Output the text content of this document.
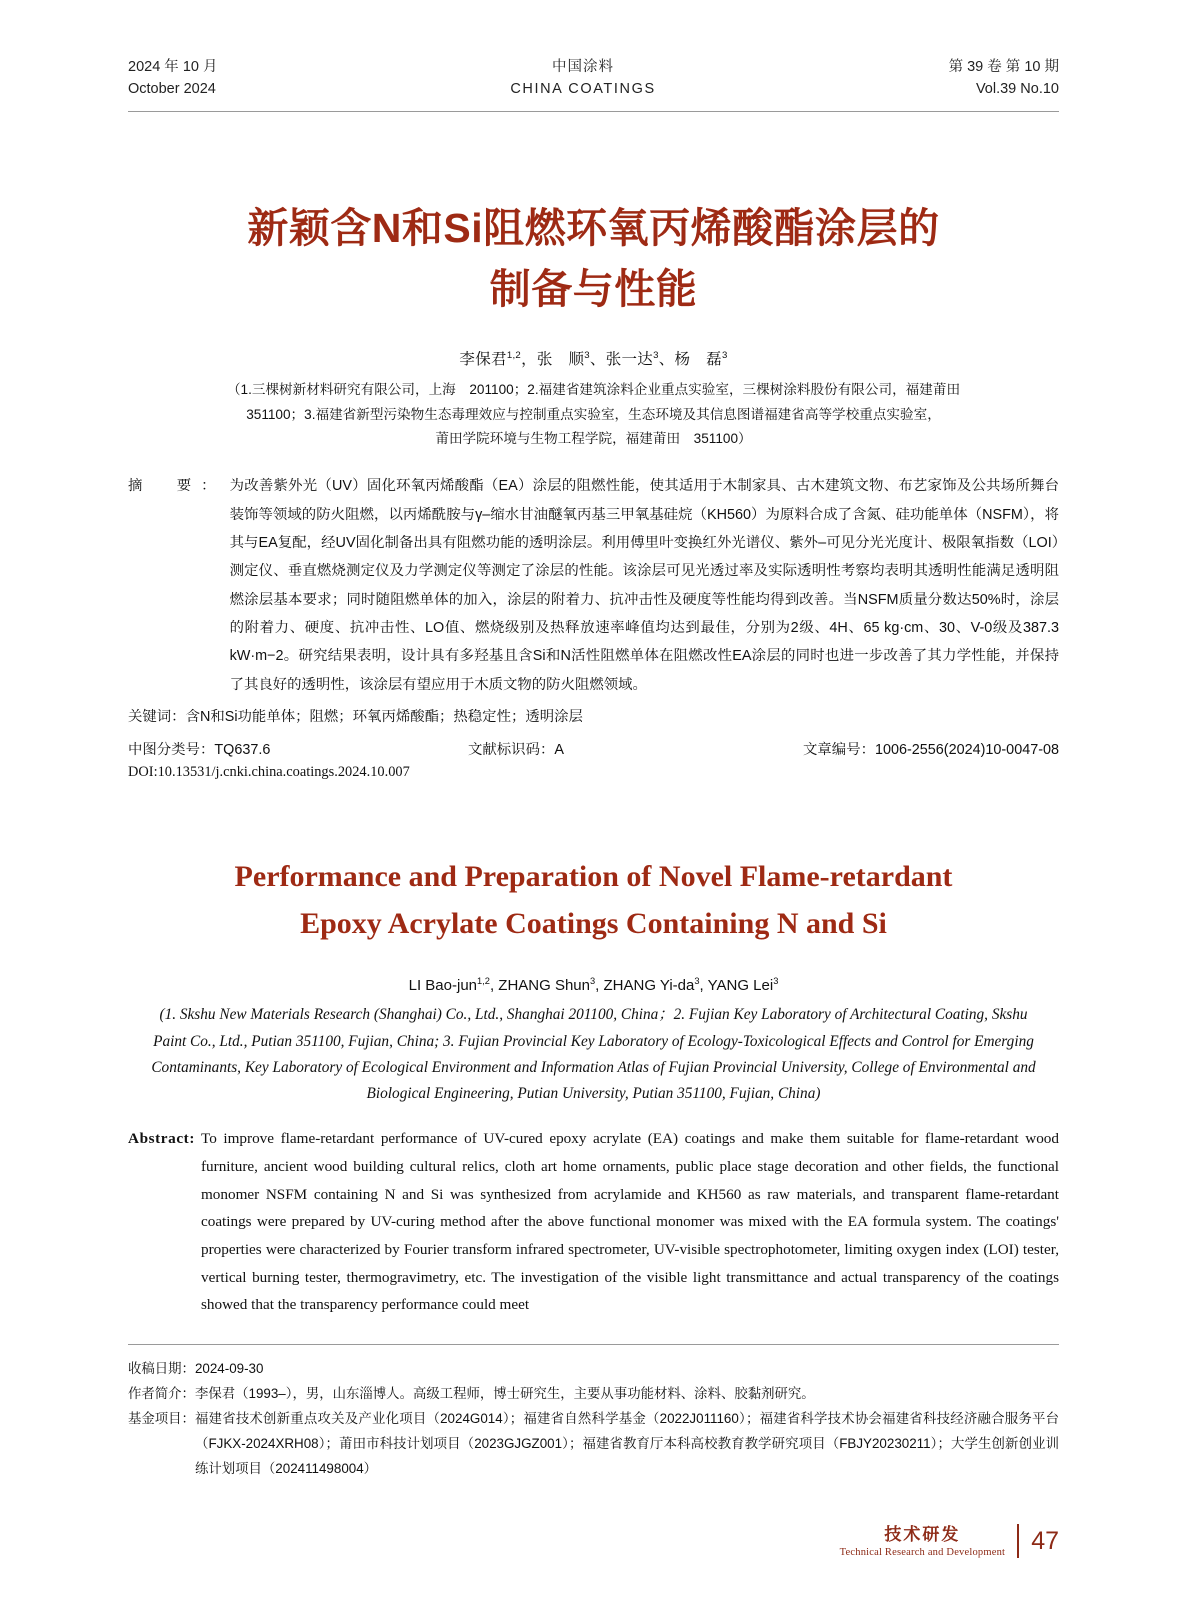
2024 年 10 月
October 2024
中国涂料
CHINA COATINGS
第 39 卷 第 10 期
Vol.39 No.10
新颖含N和Si阻燃环氧丙烯酸酯涂层的
制备与性能
李保君$^{1,2}$，张　顺$^3$、张一达$^3$、杨　磊$^3$
（1.三棵树新材料研究有限公司，上海　201100；2.福建省建筑涂料企业重点实验室，三棵树涂料股份有限公司，福建莆田
351100；3.福建省新型污染物生态毒理效应与控制重点实验室，生态环境及其信息图谱福建省高等学校重点实验室，
莆田学院环境与生物工程学院，福建莆田　351100）
摘　要： 为改善紫外光（UV）固化环氧丙烯酸酯（EA）涂层的阻燃性能，使其适用于木制家具、古木建筑文物、布艺家饰及公共场所舞台装饰等领域的防火阻燃，以丙烯酰胺与γ–缩水甘油醚氧丙基三甲氧基硅烷（KH560）为原料合成了含氮、硅功能单体（NSFM），将其与EA复配，经UV固化制备出具有阻燃功能的透明涂层。利用傅里叶变换红外光谱仪、紫外–可见分光光度计、极限氧指数（LOI）测定仪、垂直燃烧测定仪及力学测定仪等测定了涂层的性能。该涂层可见光透过率及实际透明性考察均表明其透明性能满足透明阻燃涂层基本要求；同时随阻燃单体的加入，涂层的附着力、抗冲击性及硬度等性能均得到改善。当NSFM质量分数达50%时，涂层的附着力、硬度、抗冲击性、LO值、燃烧级别及热释放速率峰值均达到最佳，分别为2级、4H、65 kg·cm、30、V-0级及387.3 kW·m−2。研究结果表明，设计具有多羟基且含Si和N活性阻燃单体在阻燃改性EA涂层的同时也进一步改善了其力学性能，并保持了其良好的透明性，该涂层有望应用于木质文物的防火阻燃领域。
关键词：含N和Si功能单体；阻燃；环氧丙烯酸酯；热稳定性；透明涂层
中图分类号：TQ637.6	文献标识码：A	文章编号：1006-2556(2024)10-0047-08
DOI:10.13531/j.cnki.china.coatings.2024.10.007
Performance and Preparation of Novel Flame-retardant
Epoxy Acrylate Coatings Containing N and Si
LI Bao-jun$^{1,2}$, ZHANG Shun$^3$, ZHANG $Yi-da^3$, YANG Lei$^3$
(1. Skshu New Materials Research (Shanghai) Co., Ltd., Shanghai 201100, China；2. Fujian Key Laboratory of Architectural Coating, Skshu Paint Co., Ltd., Putian 351100, Fujian, China; 3. Fujian Provincial Key Laboratory of Ecology-Toxicological Effects and Control for Emerging Contaminants, Key Laboratory of Ecological Environment and Information Atlas of Fujian Provincial University, College of Environmental and Biological Engineering, Putian University, Putian 351100, Fujian, China)
Abstract: To improve flame-retardant performance of UV-cured epoxy acrylate (EA) coatings and make them suitable for flame-retardant wood furniture, ancient wood building cultural relics, cloth art home ornaments, public place stage decoration and other fields, the functional monomer NSFM containing N and Si was synthesized from acrylamide and KH560 as raw materials, and transparent flame-retardant coatings were prepared by UV-curing method after the above functional monomer was mixed with the EA formula system. The coatings' properties were characterized by Fourier transform infrared spectrometer, UV-visible spectrophotometer, limiting oxygen index (LOI) tester, vertical burning tester, thermogravimetry, etc. The investigation of the visible light transmittance and actual transparency of the coatings showed that the transparency performance could meet
收稿日期： 2024-09-30
作者简介： 李保君（1993–），男，山东淄博人。高级工程师，博士研究生，主要从事功能材料、涂料、胶黏剂研究。
基金项目： 福建省技术创新重点攻关及产业化项目（2024G014）；福建省自然科学基金（2022J011160）；福建省科学技术协会福建省科技经济融合服务平台（FJKX-2024XRH08）；莆田市科技计划项目（2023GJGZ001）；福建省教育厅本科高校教育教学研究项目（FBJY20230211）；大学生创新创业训练计划项目（202411498004）
技术研发
Technical Research and Development	47
